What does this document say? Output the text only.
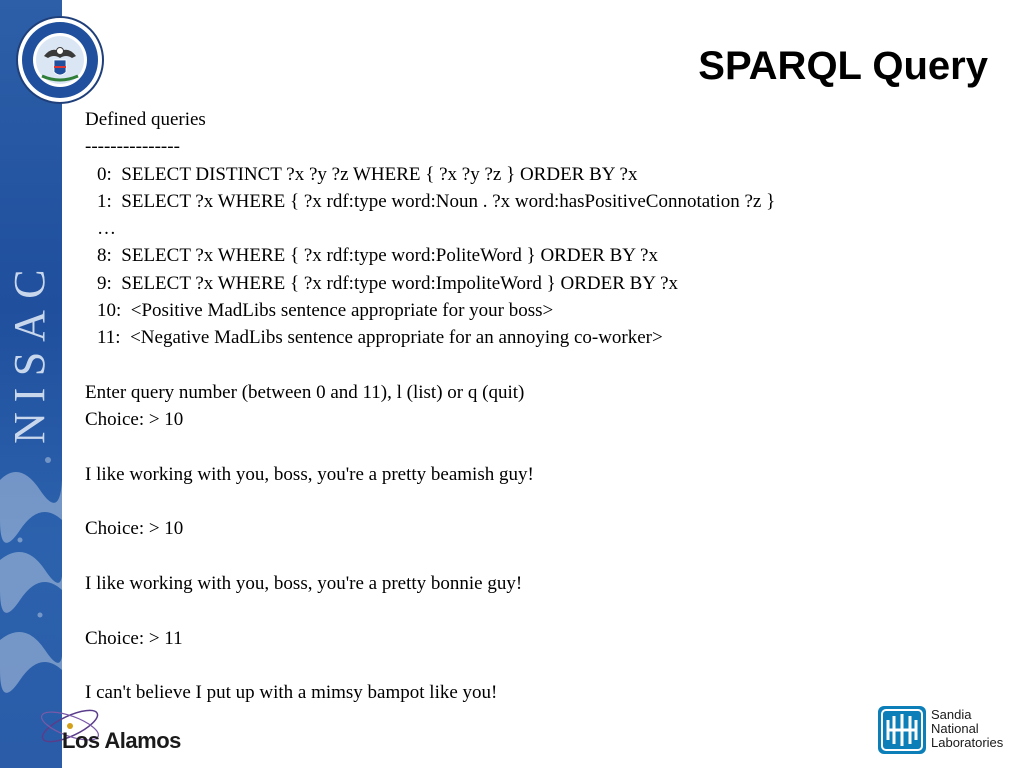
C
A
S
I
N
SPARQL Query
Defined queries
---------------
0:  SELECT DISTINCT ?x ?y ?z WHERE { ?x ?y ?z } ORDER BY ?x
1:  SELECT ?x WHERE { ?x rdf:type word:Noun . ?x word:hasPositiveConnotation ?z }
…
8:  SELECT ?x WHERE { ?x rdf:type word:PoliteWord } ORDER BY ?x
9:  SELECT ?x WHERE { ?x rdf:type word:ImpoliteWord } ORDER BY ?x
10:  <Positive MadLibs sentence appropriate for your boss>
11:  <Negative MadLibs sentence appropriate for an annoying co-worker>
Enter query number (between 0 and 11), l (list) or q (quit)
Choice: > 10
I like working with you, boss, you're a pretty beamish guy!
Choice: > 10
I like working with you, boss, you're a pretty bonnie guy!
Choice: > 11
I can't believe I put up with a mimsy bampot like you!
Los Alamos
Sandia
National
Laboratories
